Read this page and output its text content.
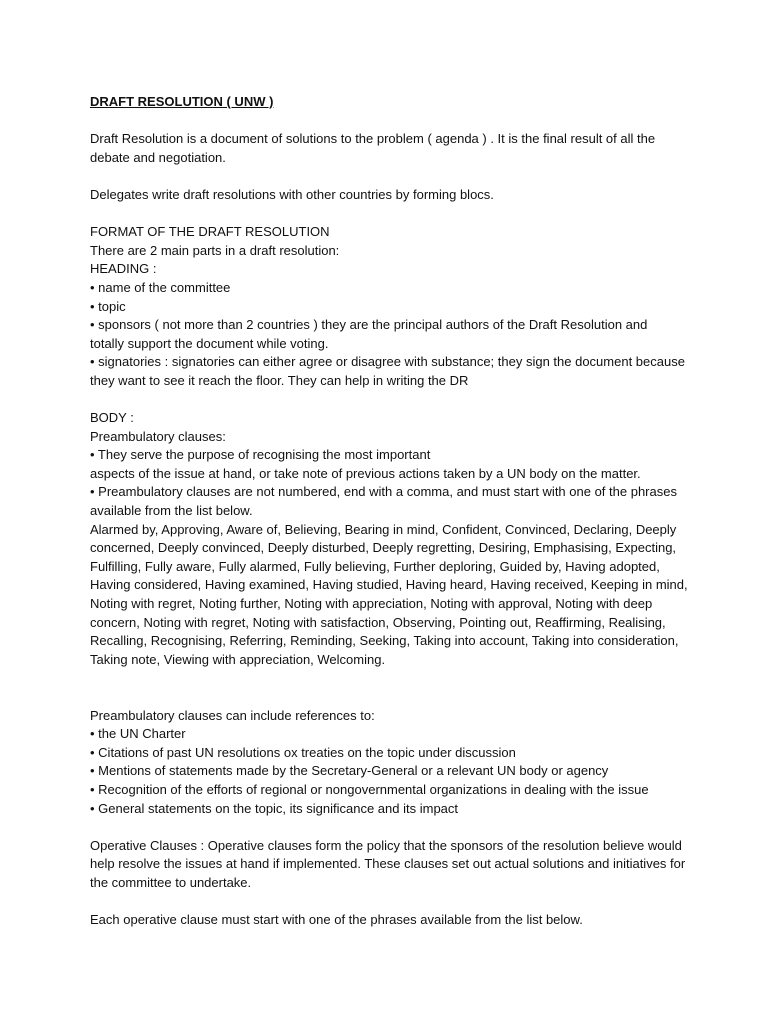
DRAFT RESOLUTION ( UNW )
Draft Resolution is a document of solutions to the problem ( agenda ) . It is the final result of all the
debate and negotiation.
Delegates write draft resolutions with other countries by forming blocs.
FORMAT OF THE DRAFT RESOLUTION
There are 2 main parts in a draft resolution:
HEADING :
• name of the committee
• topic
• sponsors ( not more than 2 countries ) they are the principal authors of the Draft Resolution and
totally support the document while voting.
• signatories : signatories can either agree or disagree with substance; they sign the document because
they want to see it reach the floor. They can help in writing the DR
BODY :
Preambulatory clauses:
• They serve the purpose of recognising the most important
aspects of the issue at hand, or take note of previous actions taken by a UN body on the matter.
• Preambulatory clauses are not numbered, end with a comma, and must start with one of the phrases
available from the list below.
Alarmed by, Approving, Aware of, Believing, Bearing in mind, Confident, Convinced, Declaring, Deeply
concerned, Deeply convinced, Deeply disturbed, Deeply regretting, Desiring, Emphasising, Expecting,
Fulfilling, Fully aware, Fully alarmed, Fully believing, Further deploring, Guided by, Having adopted,
Having considered, Having examined, Having studied, Having heard, Having received, Keeping in mind,
Noting with regret, Noting further, Noting with appreciation, Noting with approval, Noting with deep
concern, Noting with regret, Noting with satisfaction, Observing, Pointing out, Reaffirming, Realising,
Recalling, Recognising, Referring, Reminding, Seeking, Taking into account, Taking into consideration,
Taking note, Viewing with appreciation, Welcoming.
Preambulatory clauses can include references to:
• the UN Charter
• Citations of past UN resolutions ox treaties on the topic under discussion
• Mentions of statements made by the Secretary-General or a relevant UN body or agency
• Recognition of the efforts of regional or nongovernmental organizations in dealing with the issue
• General statements on the topic, its significance and its impact
Operative Clauses : Operative clauses form the policy that the sponsors of the resolution believe would
help resolve the issues at hand if implemented. These clauses set out actual solutions and initiatives for
the committee to undertake.
Each operative clause must start with one of the phrases available from the list below.
